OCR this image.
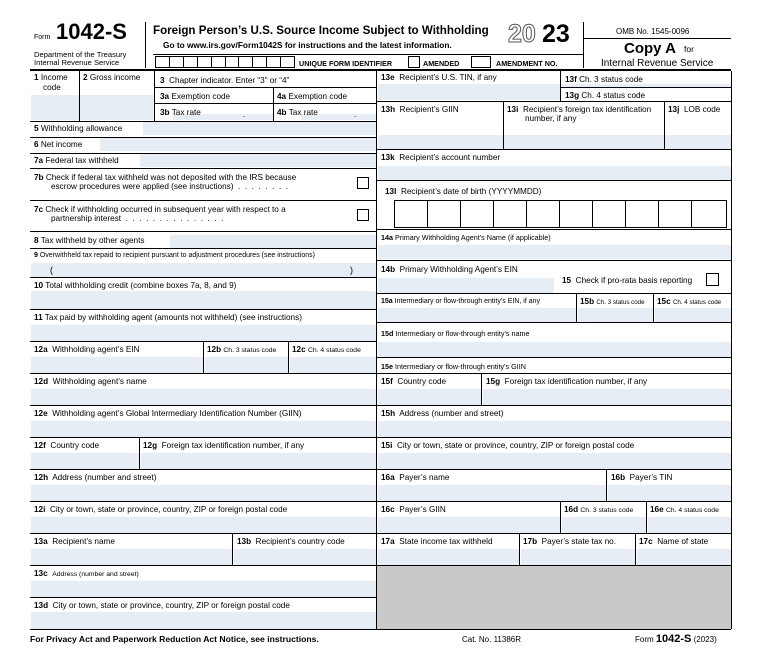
Form 1042-S
Department of the Treasury
Internal Revenue Service
Foreign Person’s U.S. Source Income Subject to Withholding
Go to www.irs.gov/Form1042S for instructions and the latest information. 20 23	OMB No. 1545-0096
Copy A for
Internal Revenue Service
UNIQUE FORM IDENTIFIER	AMENDED	AMENDMENT NO.
1 Income
code
2 Gross income 3 Chapter indicator. Enter “3” or “4”
3a Exemption code	4a Exemption code
3b Tax rate	4b Tax rate
.	.
5 Withholding allowance
6 Net income
7a Federal tax withheld
7b Check if federal tax withheld was not deposited with the IRS because
escrow procedures were applied (see instructions)  .  .  .  .  .  .  .  .
7c Check if withholding occurred in subsequent year with respect to a
partnership interest  .  .  .  .  .  .  .  .  .  .  .  .  .  .  .
8 Tax withheld by other agents
9 Overwithheld tax repaid to recipient pursuant to adjustment procedures (see instructions)
(	)
10 Total withholding credit (combine boxes 7a, 8, and 9)
11 Tax paid by withholding agent (amounts not withheld) (see instructions)
12a Withholding agent’s EIN	12b Ch. 3 status code 12c Ch. 4 status code
12d Withholding agent’s name
12e Withholding agent’s Global Intermediary Identification Number (GIIN)
12f Country code	12g Foreign tax identification number, if any
12h Address (number and street)
12i City or town, state or province, country, ZIP or foreign postal code
13a Recipient’s name	13b Recipient’s country code
13c Address (number and street)
13d City or town, state or province, country, ZIP or foreign postal code
13e Recipient’s U.S. TIN, if any	13f Ch. 3 status code
13g Ch. 4 status code
13h Recipient’s GIIN	13i Recipient’s foreign tax identification
number, if any
13j LOB code
13k Recipient’s account number
13l Recipient’s date of birth (YYYYMMDD)
14a Primary Withholding Agent’s Name (if applicable)
14b Primary Withholding Agent’s EIN
15 Check if pro-rata basis reporting
15a Intermediary or flow-through entity’s EIN, if any	15b Ch. 3 status code 15c Ch. 4 status code
15d Intermediary or flow-through entity’s name
15e Intermediary or flow-through entity’s GIIN
15f Country code	15g Foreign tax identification number, if any
15h Address (number and street)
15i City or town, state or province, country, ZIP or foreign postal code
16a Payer’s name	16b Payer’s TIN
16c Payer’s GIIN	16d Ch. 3 status code 16e Ch. 4 status code
17a State income tax withheld	17b Payer’s state tax no.	17c Name of state
For Privacy Act and Paperwork Reduction Act Notice, see instructions.	Cat. No. 11386R	Form 1042-S (2023)
